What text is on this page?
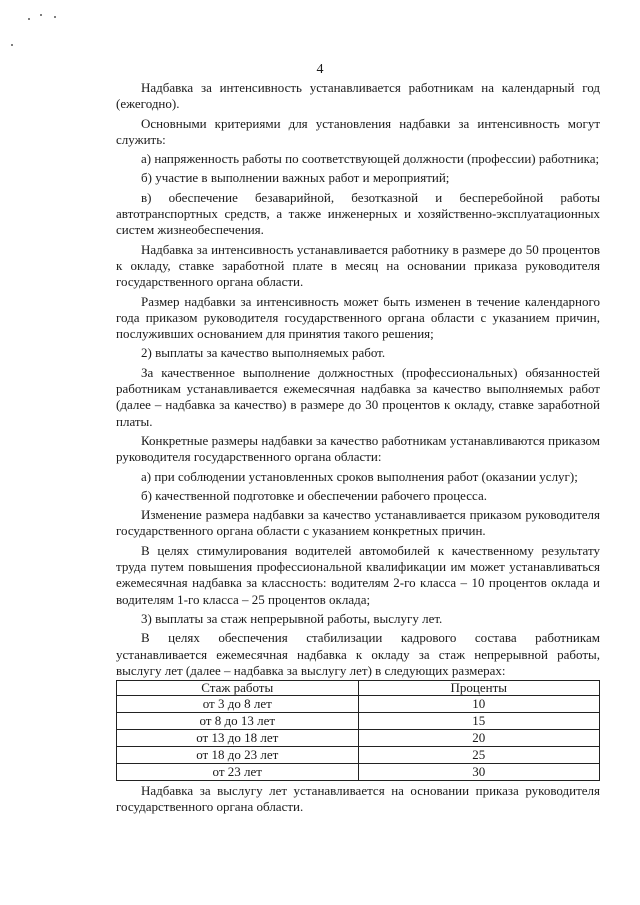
4

Надбавка за интенсивность устанавливается работникам на календарный год (ежегодно).

Основными критериями для установления надбавки за интенсивность могут служить:

а) напряженность работы по соответствующей должности (профессии) работника;

б) участие в выполнении важных работ и мероприятий;

в) обеспечение безаварийной, безотказной и бесперебойной работы автотранспортных средств, а также инженерных и хозяйственно-эксплуатационных систем жизнеобеспечения.

Надбавка за интенсивность устанавливается работнику в размере до 50 процентов к окладу, ставке заработной плате в месяц на основании приказа руководителя государственного органа области.

Размер надбавки за интенсивность может быть изменен в течение календарного года приказом руководителя государственного органа области с указанием причин, послуживших основанием для принятия такого решения;

2) выплаты за качество выполняемых работ.

За качественное выполнение должностных (профессиональных) обязанностей работникам устанавливается ежемесячная надбавка за качество выполняемых работ (далее – надбавка за качество) в размере до 30 процентов к окладу, ставке заработной платы.

Конкретные размеры надбавки за качество работникам устанавливаются приказом руководителя государственного органа области:

а) при соблюдении установленных сроков выполнения работ (оказании услуг);

б) качественной подготовке и обеспечении рабочего процесса.

Изменение размера надбавки за качество устанавливается приказом руководителя государственного органа области с указанием конкретных причин.

В целях стимулирования водителей автомобилей к качественному результату труда путем повышения профессиональной квалификации им может устанавливаться ежемесячная надбавка за классность: водителям 2-го класса – 10 процентов оклада и водителям 1-го класса – 25 процентов оклада;

3) выплаты за стаж непрерывной работы, выслугу лет.

В целях обеспечения стабилизации кадрового состава работникам устанавливается ежемесячная надбавка к окладу за стаж непрерывной работы, выслугу лет (далее – надбавка за выслугу лет) в следующих размерах:

Стаж работы	Проценты
от 3 до 8 лет	10
от 8 до 13 лет	15
от 13 до 18 лет	20
от 18 до 23 лет	25
от 23 лет	30

Надбавка за выслугу лет устанавливается на основании приказа руководителя государственного органа области.
